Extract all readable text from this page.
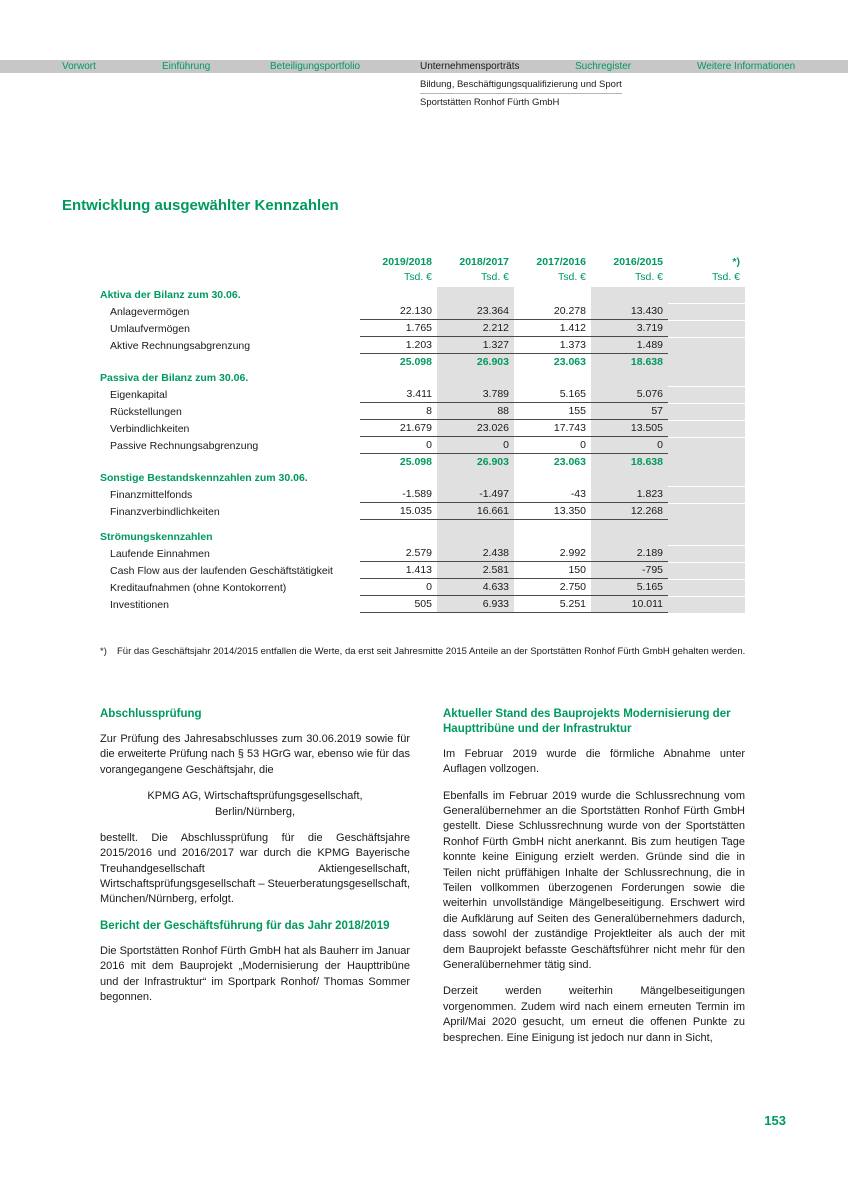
Vorwort	Einführung	Beteiligungsportfolio	Unternehmensporträts	Suchregister	Weitere Informationen
Bildung, Beschäftigungsqualifizierung und Sport
Sportstätten Ronhof Fürth GmbH
Entwicklung ausgewählter Kennzahlen
2019/2018	2018/2017	2017/2016	2016/2015	*)
Tsd. €	Tsd. €	Tsd. €	Tsd. €	Tsd. €
Aktiva der Bilanz zum 30.06.
Anlagevermögen	22.130	23.364	20.278	13.430
Umlaufvermögen	1.765	2.212	1.412	3.719
Aktive Rechnungsabgrenzung	1.203	1.327	1.373	1.489
25.098	26.903	23.063	18.638
Passiva der Bilanz zum 30.06.
Eigenkapital	3.411	3.789	5.165	5.076
Rückstellungen	8	88	155	57
Verbindlichkeiten	21.679	23.026	17.743	13.505
Passive Rechnungsabgrenzung	0	0	0	0
25.098	26.903	23.063	18.638
Sonstige Bestandskennzahlen zum 30.06.
Finanzmittelfonds	-1.589	-1.497	-43	1.823
Finanzverbindlichkeiten	15.035	16.661	13.350	12.268
Strömungskennzahlen
Laufende Einnahmen	2.579	2.438	2.992	2.189
Cash Flow aus der laufenden Geschäftstätigkeit	1.413	2.581	150	-795
Kreditaufnahmen (ohne Kontokorrent)	0	4.633	2.750	5.165
Investitionen	505	6.933	5.251	10.011
*)	Für das Geschäftsjahr 2014/2015 entfallen die Werte, da erst seit Jahresmitte 2015 Anteile an der Sportstätten Ronhof Fürth GmbH gehalten werden.
Abschlussprüfung

Zur Prüfung des Jahresabschlusses zum 30.06.2019 sowie für die erweiterte Prüfung nach § 53 HGrG war, ebenso wie für das vorangegangene Geschäftsjahr, die

KPMG AG, Wirtschaftsprüfungsgesellschaft,

Berlin/Nürnberg,

bestellt. Die Abschlussprüfung für die Geschäftsjahre 2015/2016 und 2016/2017 war durch die KPMG Bayerische Treuhandgesellschaft Aktiengesellschaft, Wirtschaftsprüfungsgesellschaft – Steuerberatungsgesellschaft, München/Nürnberg, erfolgt.

Bericht der Geschäftsführung für das Jahr 2018/2019

Die Sportstätten Ronhof Fürth GmbH hat als Bauherr im Januar 2016 mit dem Bauprojekt „Modernisierung der Haupttribüne und der Infrastruktur“ im Sportpark Ronhof/ Thomas Sommer begonnen.

Aktueller Stand des Bauprojekts Modernisierung der Haupttribüne und der Infrastruktur

Im Februar 2019 wurde die förmliche Abnahme unter Auflagen vollzogen.

Ebenfalls im Februar 2019 wurde die Schlussrechnung vom Generalübernehmer an die Sportstätten Ronhof Fürth GmbH gestellt. Diese Schlussrechnung wurde von der Sportstätten Ronhof Fürth GmbH nicht anerkannt. Bis zum heutigen Tage konnte keine Einigung erzielt werden. Gründe sind die in Teilen nicht prüffähigen Inhalte der Schlussrechnung, die in Teilen vollkommen überzogenen Forderungen sowie die weiterhin unvollständige Mängelbeseitigung. Erschwert wird die Aufklärung auf Seiten des Generalübernehmers dadurch, dass sowohl der zuständige Projektleiter als auch der mit dem Bauprojekt befasste Geschäftsführer nicht mehr für den Generalübernehmer tätig sind.

Derzeit werden weiterhin Mängelbeseitigungen vorgenommen. Zudem wird nach einem erneuten Termin im April/Mai 2020 gesucht, um erneut die offenen Punkte zu besprechen. Eine Einigung ist jedoch nur dann in Sicht,

153
